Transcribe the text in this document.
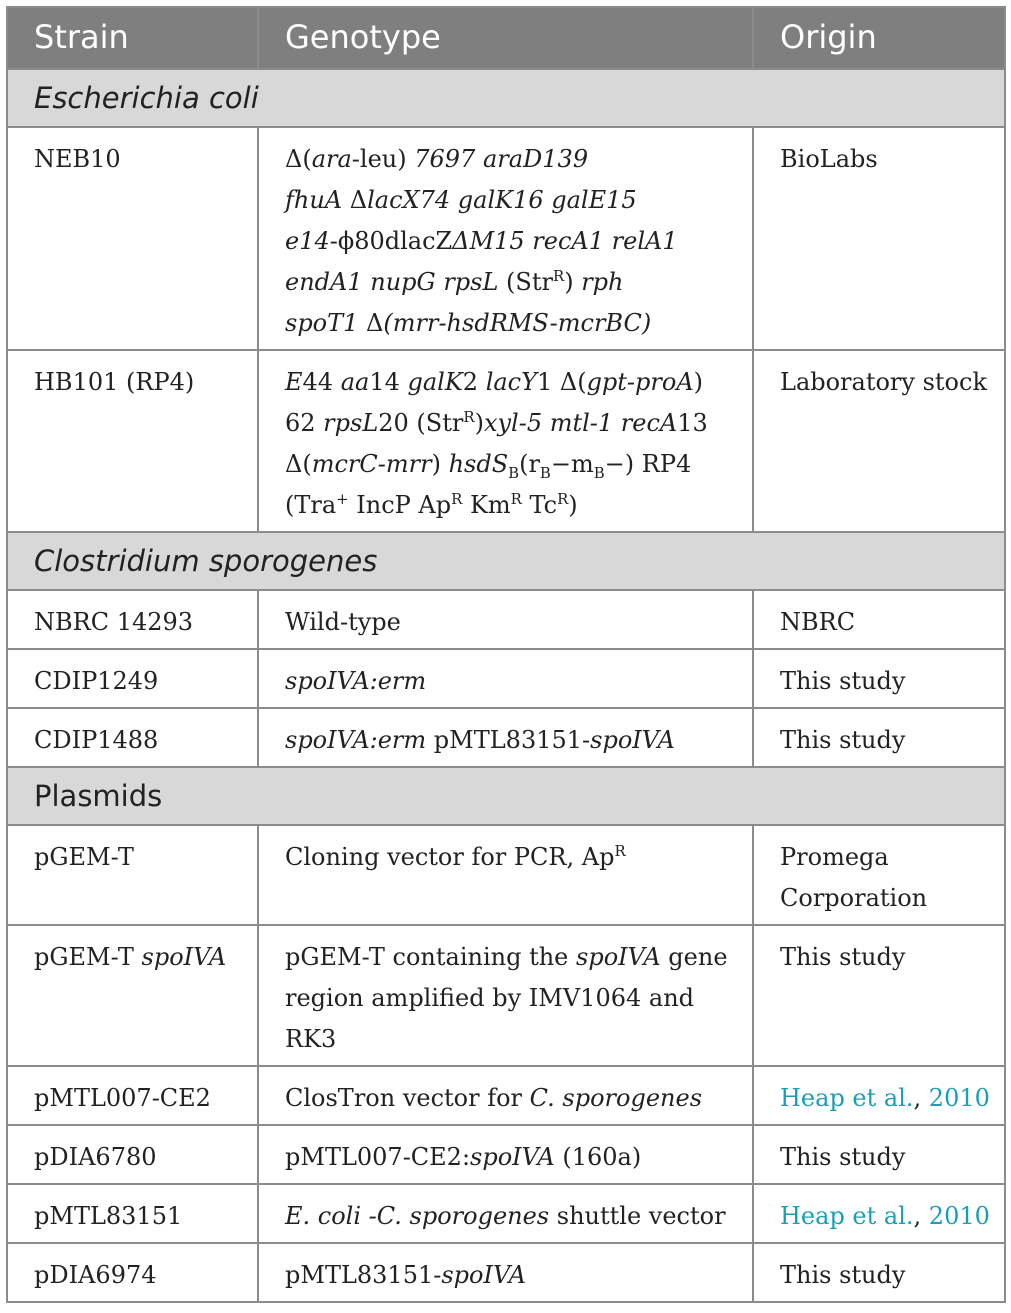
Strain	Genotype	Origin
Escherichia coli		

NEB10	Δ(ara-leu) 7697 araD139
fhuA ΔlacX74 galK16 galE15
e14-ϕ80dlacZΔM15 recA1 relA1
endA1 nupG rpsL (Str$^R$) rph
spoT1 Δ(mrr-hsdRMS-mcrBC)	BioLabs

HB101 (RP4)	E44 aa14 galK2 lacY1 Δ(gpt-proA)
62 rpsL20 (Str$^R$)xyl-5 mtl-1 recA13
Δ(mcrC-mrr) $hsdS_B(r_B-m_B-)$ RP4
(Tra+ IncP $Ap^R$ $Km^R$ $Tc^R$)	Laboratory stock

Clostridium sporogenes		

NBRC 14293	Wild-type	NBRC

CDIP1249	spoIVA:erm	This study

CDIP1488	spoIVA:erm pMTL83151-spoIVA	This study

Plasmids		

pGEM-T	Cloning vector for PCR, $Ap^R$	Promega
Corporation

pGEM-T spoIVA	pGEM-T containing the spoIVA gene
region amplified by IMV1064 and
RK3	This study

pMTL007-CE2	ClosTron vector for C. sporogenes	Heap et al., 2010

pDIA6780	pMTL007-CE2:spoIVA (160a)	This study

pMTL83151	E. coli -C. sporogenes shuttle vector	Heap et al., 2010

pDIA6974	pMTL83151-spoIVA	This study
